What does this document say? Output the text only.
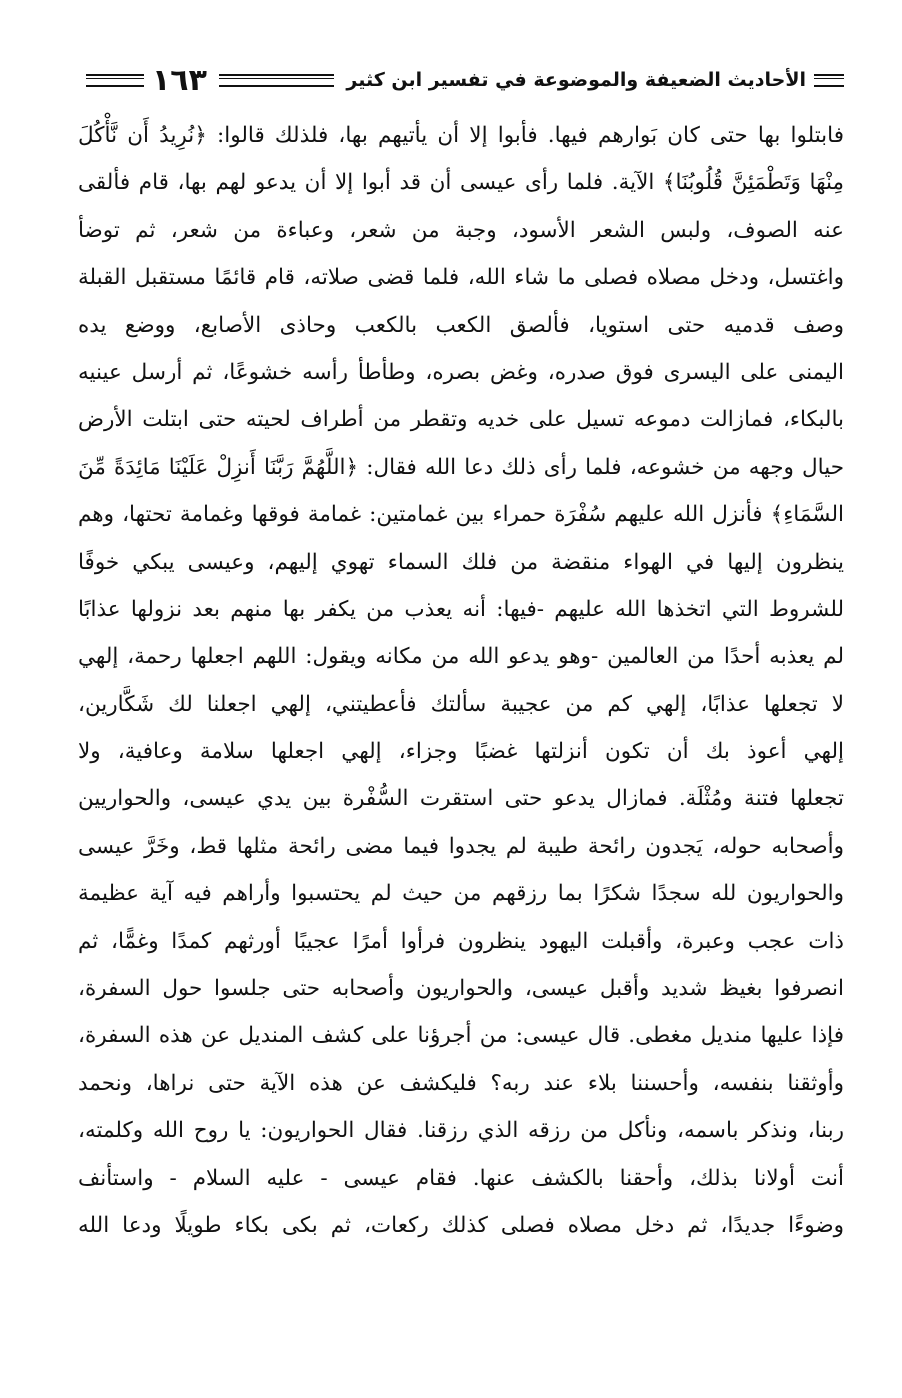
الأحاديث الضعيفة والموضوعة في تفسير ابن كثير
١٦٣
فابتلوا بها حتى كان بَوارهم فيها. فأبوا إلا أن يأتيهم بها، فلذلك قالوا: ﴿نُرِيدُ أَن نَّأْكُلَ
مِنْهَا وَتَطْمَئِنَّ قُلُوبُنَا﴾ الآية. فلما رأى عيسى أن قد أبوا إلا أن يدعو لهم بها، قام فألقى
عنه الصوف، ولبس الشعر الأسود، وجبة من شعر، وعباءة من شعر، ثم توضأ
واغتسل، ودخل مصلاه فصلى ما شاء الله، فلما قضى صلاته، قام قائمًا مستقبل القبلة
وصف قدميه حتى استويا، فألصق الكعب بالكعب وحاذى الأصابع، ووضع يده
اليمنى على اليسرى فوق صدره، وغض بصره، وطأطأ رأسه خشوعًا، ثم أرسل عينيه
بالبكاء، فمازالت دموعه تسيل على خديه وتقطر من أطراف لحيته حتى ابتلت الأرض
حيال وجهه من خشوعه، فلما رأى ذلك دعا الله فقال: ﴿اللَّهُمَّ رَبَّنَا أَنزِلْ عَلَيْنَا مَائِدَةً مِّنَ
السَّمَاءِ﴾ فأنزل الله عليهم سُفْرَة حمراء بين غمامتين: غمامة فوقها وغمامة تحتها، وهم
ينظرون إليها في الهواء منقضة من فلك السماء تهوي إليهم، وعيسى يبكي خوفًا
للشروط التي اتخذها الله عليهم -فيها: أنه يعذب من يكفر بها منهم بعد نزولها عذابًا
لم يعذبه أحدًا من العالمين -وهو يدعو الله من مكانه ويقول: اللهم اجعلها رحمة، إلهي
لا تجعلها عذابًا، إلهي كم من عجيبة سألتك فأعطيتني، إلهي اجعلنا لك شَكَّارين،
إلهي أعوذ بك أن تكون أنزلتها غضبًا وجزاء، إلهي اجعلها سلامة وعافية، ولا
تجعلها فتنة ومُثْلَة. فمازال يدعو حتى استقرت السُّفْرة بين يدي عيسى، والحواريين
وأصحابه حوله، يَجدون رائحة طيبة لم يجدوا فيما مضى رائحة مثلها قط، وخَرَّ عيسى
والحواريون لله سجدًا شكرًا بما رزقهم من حيث لم يحتسبوا وأراهم فيه آية عظيمة
ذات عجب وعبرة، وأقبلت اليهود ينظرون فرأوا أمرًا عجيبًا أورثهم كمدًا وغمًّا، ثم
انصرفوا بغيظ شديد وأقبل عيسى، والحواريون وأصحابه حتى جلسوا حول السفرة،
فإذا عليها منديل مغطى. قال عيسى: من أجرؤنا على كشف المنديل عن هذه السفرة،
وأوثقنا بنفسه، وأحسننا بلاء عند ربه؟ فليكشف عن هذه الآية حتى نراها، ونحمد
ربنا، ونذكر باسمه، ونأكل من رزقه الذي رزقنا. فقال الحواريون: يا روح الله وكلمته،
أنت أولانا بذلك، وأحقنا بالكشف عنها. فقام عيسى - عليه السلام - واستأنف
وضوءًا جديدًا، ثم دخل مصلاه فصلى كذلك ركعات، ثم بكى بكاء طويلًا ودعا الله
